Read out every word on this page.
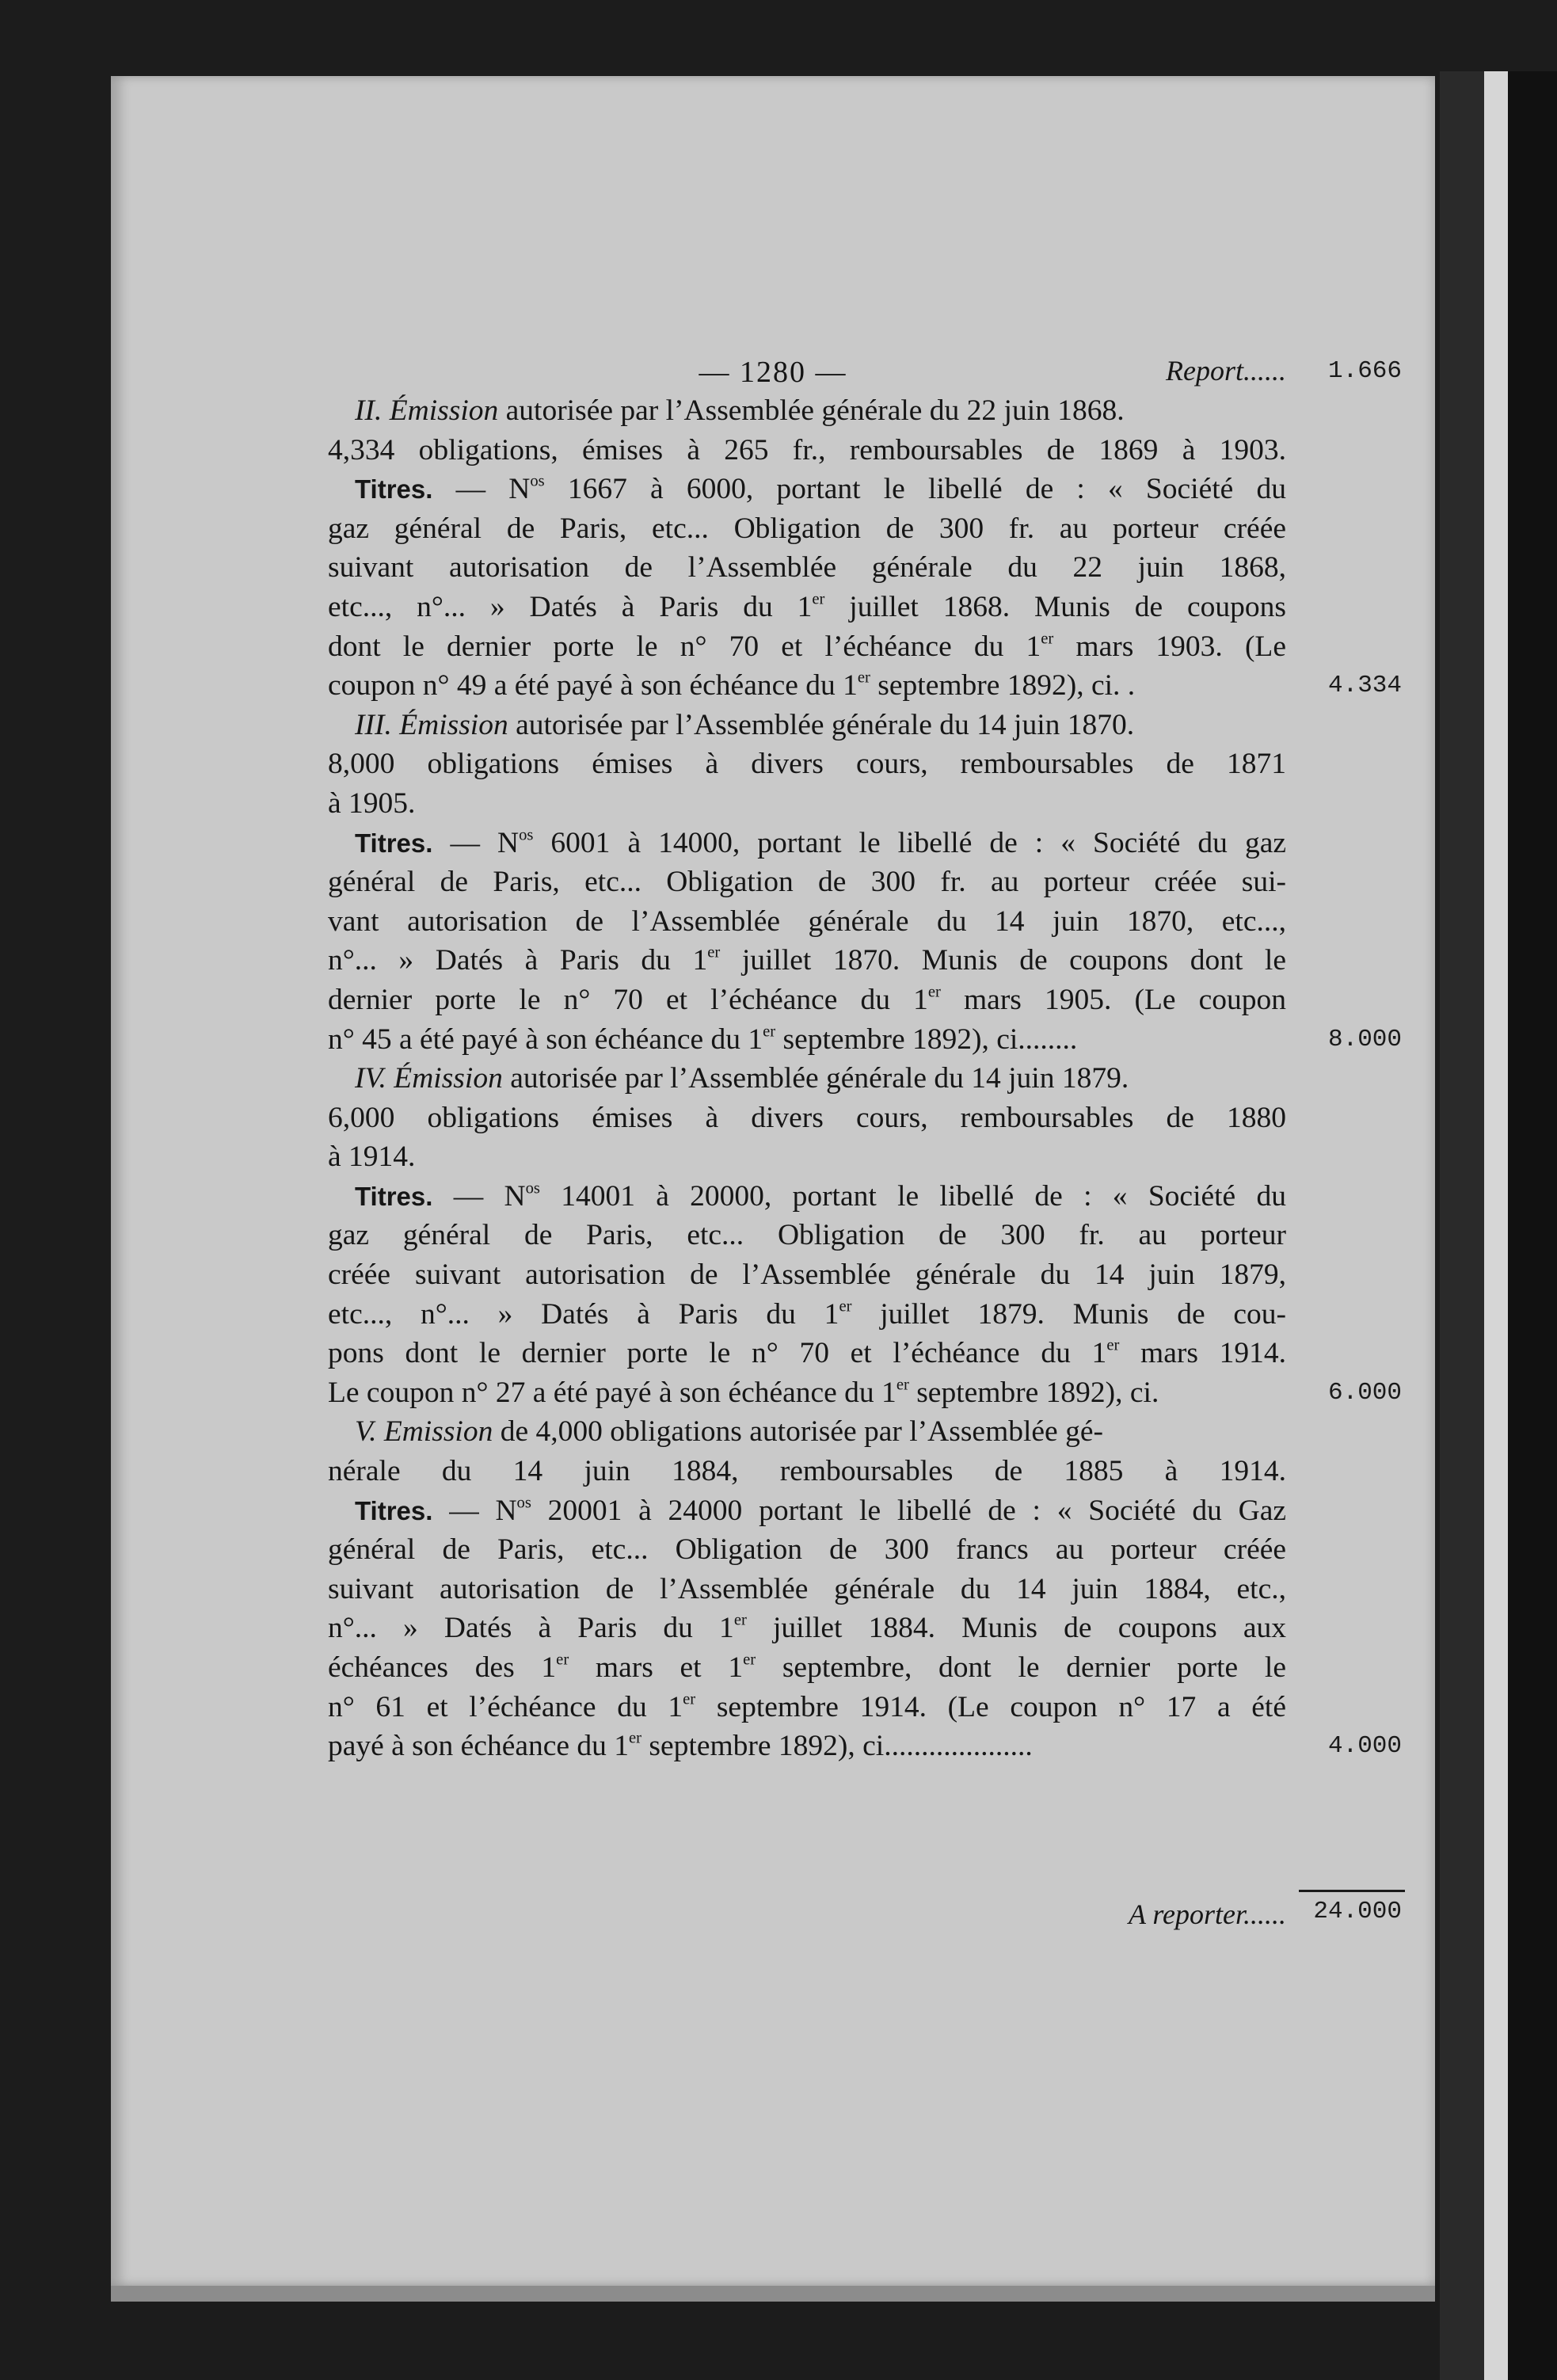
— 1280 —	Report......	1.666
II. Émission autorisée par l’Assemblée générale du 22 juin 1868.
4,334 obligations, émises à 265 fr., remboursables de 1869 à 1903.
Titres. — $N^{os}$ 1667 à 6000, portant le libellé de : « Société du
gaz général de Paris, etc... Obligation de 300 fr. au porteur créée
suivant autorisation de l’Assemblée générale du 22 juin 1868,
etc..., n°... » Datés à Paris du 1er juillet 1868. Munis de coupons
dont le dernier porte le n° 70 et l’échéance du 1er mars 1903. (Le
coupon n° 49 a été payé à son échéance du 1er septembre 1892), ci. .
III. Émission autorisée par l’Assemblée générale du 14 juin 1870.
8,000 obligations émises à divers cours, remboursables de 1871
à 1905.
Titres. — $N^{os}$ 6001 à 14000, portant le libellé de : « Société du gaz
général de Paris, etc... Obligation de 300 fr. au porteur créée sui-
vant autorisation de l’Assemblée générale du 14 juin 1870, etc...,
n°... » Datés à Paris du 1er juillet 1870. Munis de coupons dont le
dernier porte le n° 70 et l’échéance du 1er mars 1905. (Le coupon
n° 45 a été payé à son échéance du 1er septembre 1892), ci........
IV. Émission autorisée par l’Assemblée générale du 14 juin 1879.
6,000 obligations émises à divers cours, remboursables de 1880
à 1914.
Titres. — $N^{os}$ 14001 à 20000, portant le libellé de : « Société du
gaz général de Paris, etc... Obligation de 300 fr. au porteur
créée suivant autorisation de l’Assemblée générale du 14 juin 1879,
etc..., n°... » Datés à Paris du 1er juillet 1879. Munis de cou-
pons dont le dernier porte le n° 70 et l’échéance du 1er mars 1914.
Le coupon n° 27 a été payé à son échéance du 1er septembre 1892), ci.
V. Emission de 4,000 obligations autorisée par l’Assemblée gé-
nérale du 14 juin 1884, remboursables de 1885 à 1914.
Titres. — $N^{os}$ 20001 à 24000 portant le libellé de : « Société du Gaz
général de Paris, etc... Obligation de 300 francs au porteur créée
suivant autorisation de l’Assemblée générale du 14 juin 1884, etc.,
n°... » Datés à Paris du 1er juillet 1884. Munis de coupons aux
échéances des 1er mars et 1er septembre, dont le dernier porte le
n° 61 et l’échéance du 1er septembre 1914. (Le coupon n° 17 a été
payé à son échéance du 1er septembre 1892), ci....................
4.334
8.000
6.000
4.000
A reporter...... 24.000
